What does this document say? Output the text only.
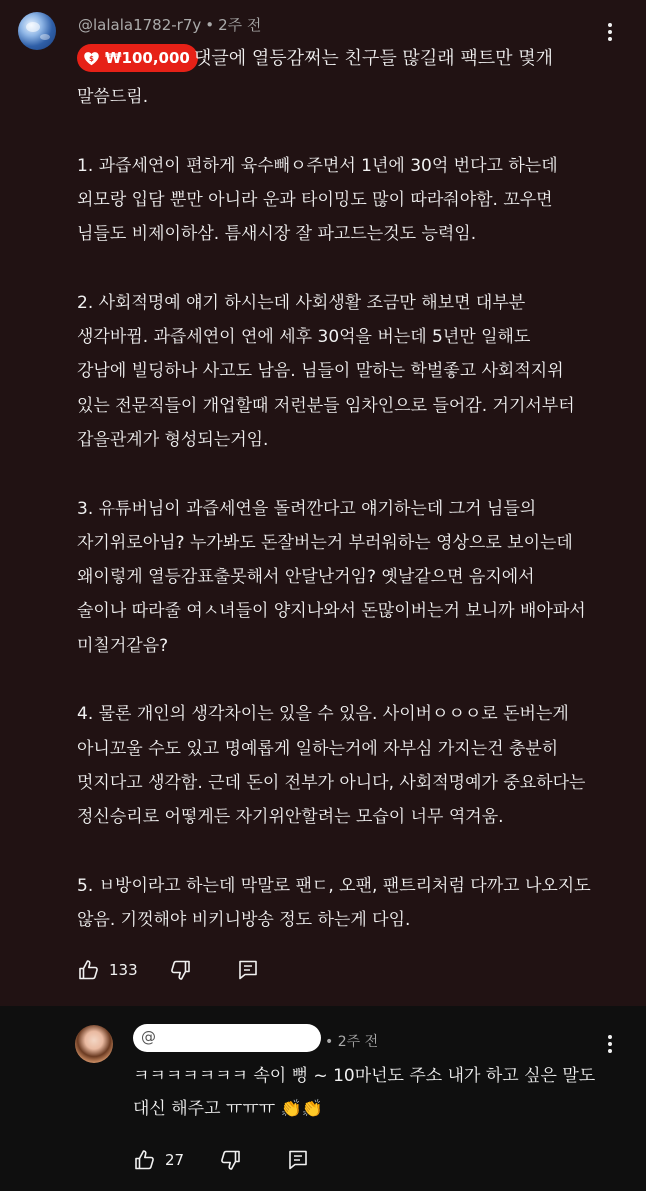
@lalala1782-r7y • 2주 전
$ ₩100,000 댓글에 열등감쩌는 친구들 많길래 팩트만 몇개
말씀드림.
1. 과즙세연이 편하게 육수빼ㅇ주면서 1년에 30억 번다고 하는데
외모랑 입담 뿐만 아니라 운과 타이밍도 많이 따라줘야함. 꼬우면
님들도 비제이하삼. 틈새시장 잘 파고드는것도 능력임.
2. 사회적명예 얘기 하시는데 사회생활 조금만 해보면 대부분
생각바뀜. 과즙세연이 연에 세후 30억을 버는데 5년만 일해도
강남에 빌딩하나 사고도 남음. 님들이 말하는 학벌좋고 사회적지위
있는 전문직들이 개업할때 저런분들 임차인으로 들어감. 거기서부터
갑을관계가 형성되는거임.
3. 유튜버님이 과즙세연을 돌려깐다고 얘기하는데 그거 님들의
자기위로아님? 누가봐도 돈잘버는거 부러워하는 영상으로 보이는데
왜이렇게 열등감표출못해서 안달난거임? 옛날같으면 음지에서
술이나 따라줄 여ㅅ녀들이 양지나와서 돈많이버는거 보니까 배아파서
미칠거같음?
4. 물론 개인의 생각차이는 있을 수 있음. 사이버ㅇㅇㅇ로 돈버는게
아니꼬울 수도 있고 명예롭게 일하는거에 자부심 가지는건 충분히
멋지다고 생각함. 근데 돈이 전부가 아니다, 사회적명예가 중요하다는
정신승리로 어떻게든 자기위안할려는 모습이 너무 역겨움.
5. ㅂ방이라고 하는데 막말로 팬ㄷ, 오팬, 팬트리처럼 다까고 나오지도
않음. 기껏해야 비키니방송 정도 하는게 다임.
133
@	• 2주 전
ㅋㅋㅋㅋㅋㅋㅋ 속이 뻥 ~ 10마넌도 주소 내가 하고 싶은 말도
대신 해주고 ㅠㅠㅠ 👏👏
27
